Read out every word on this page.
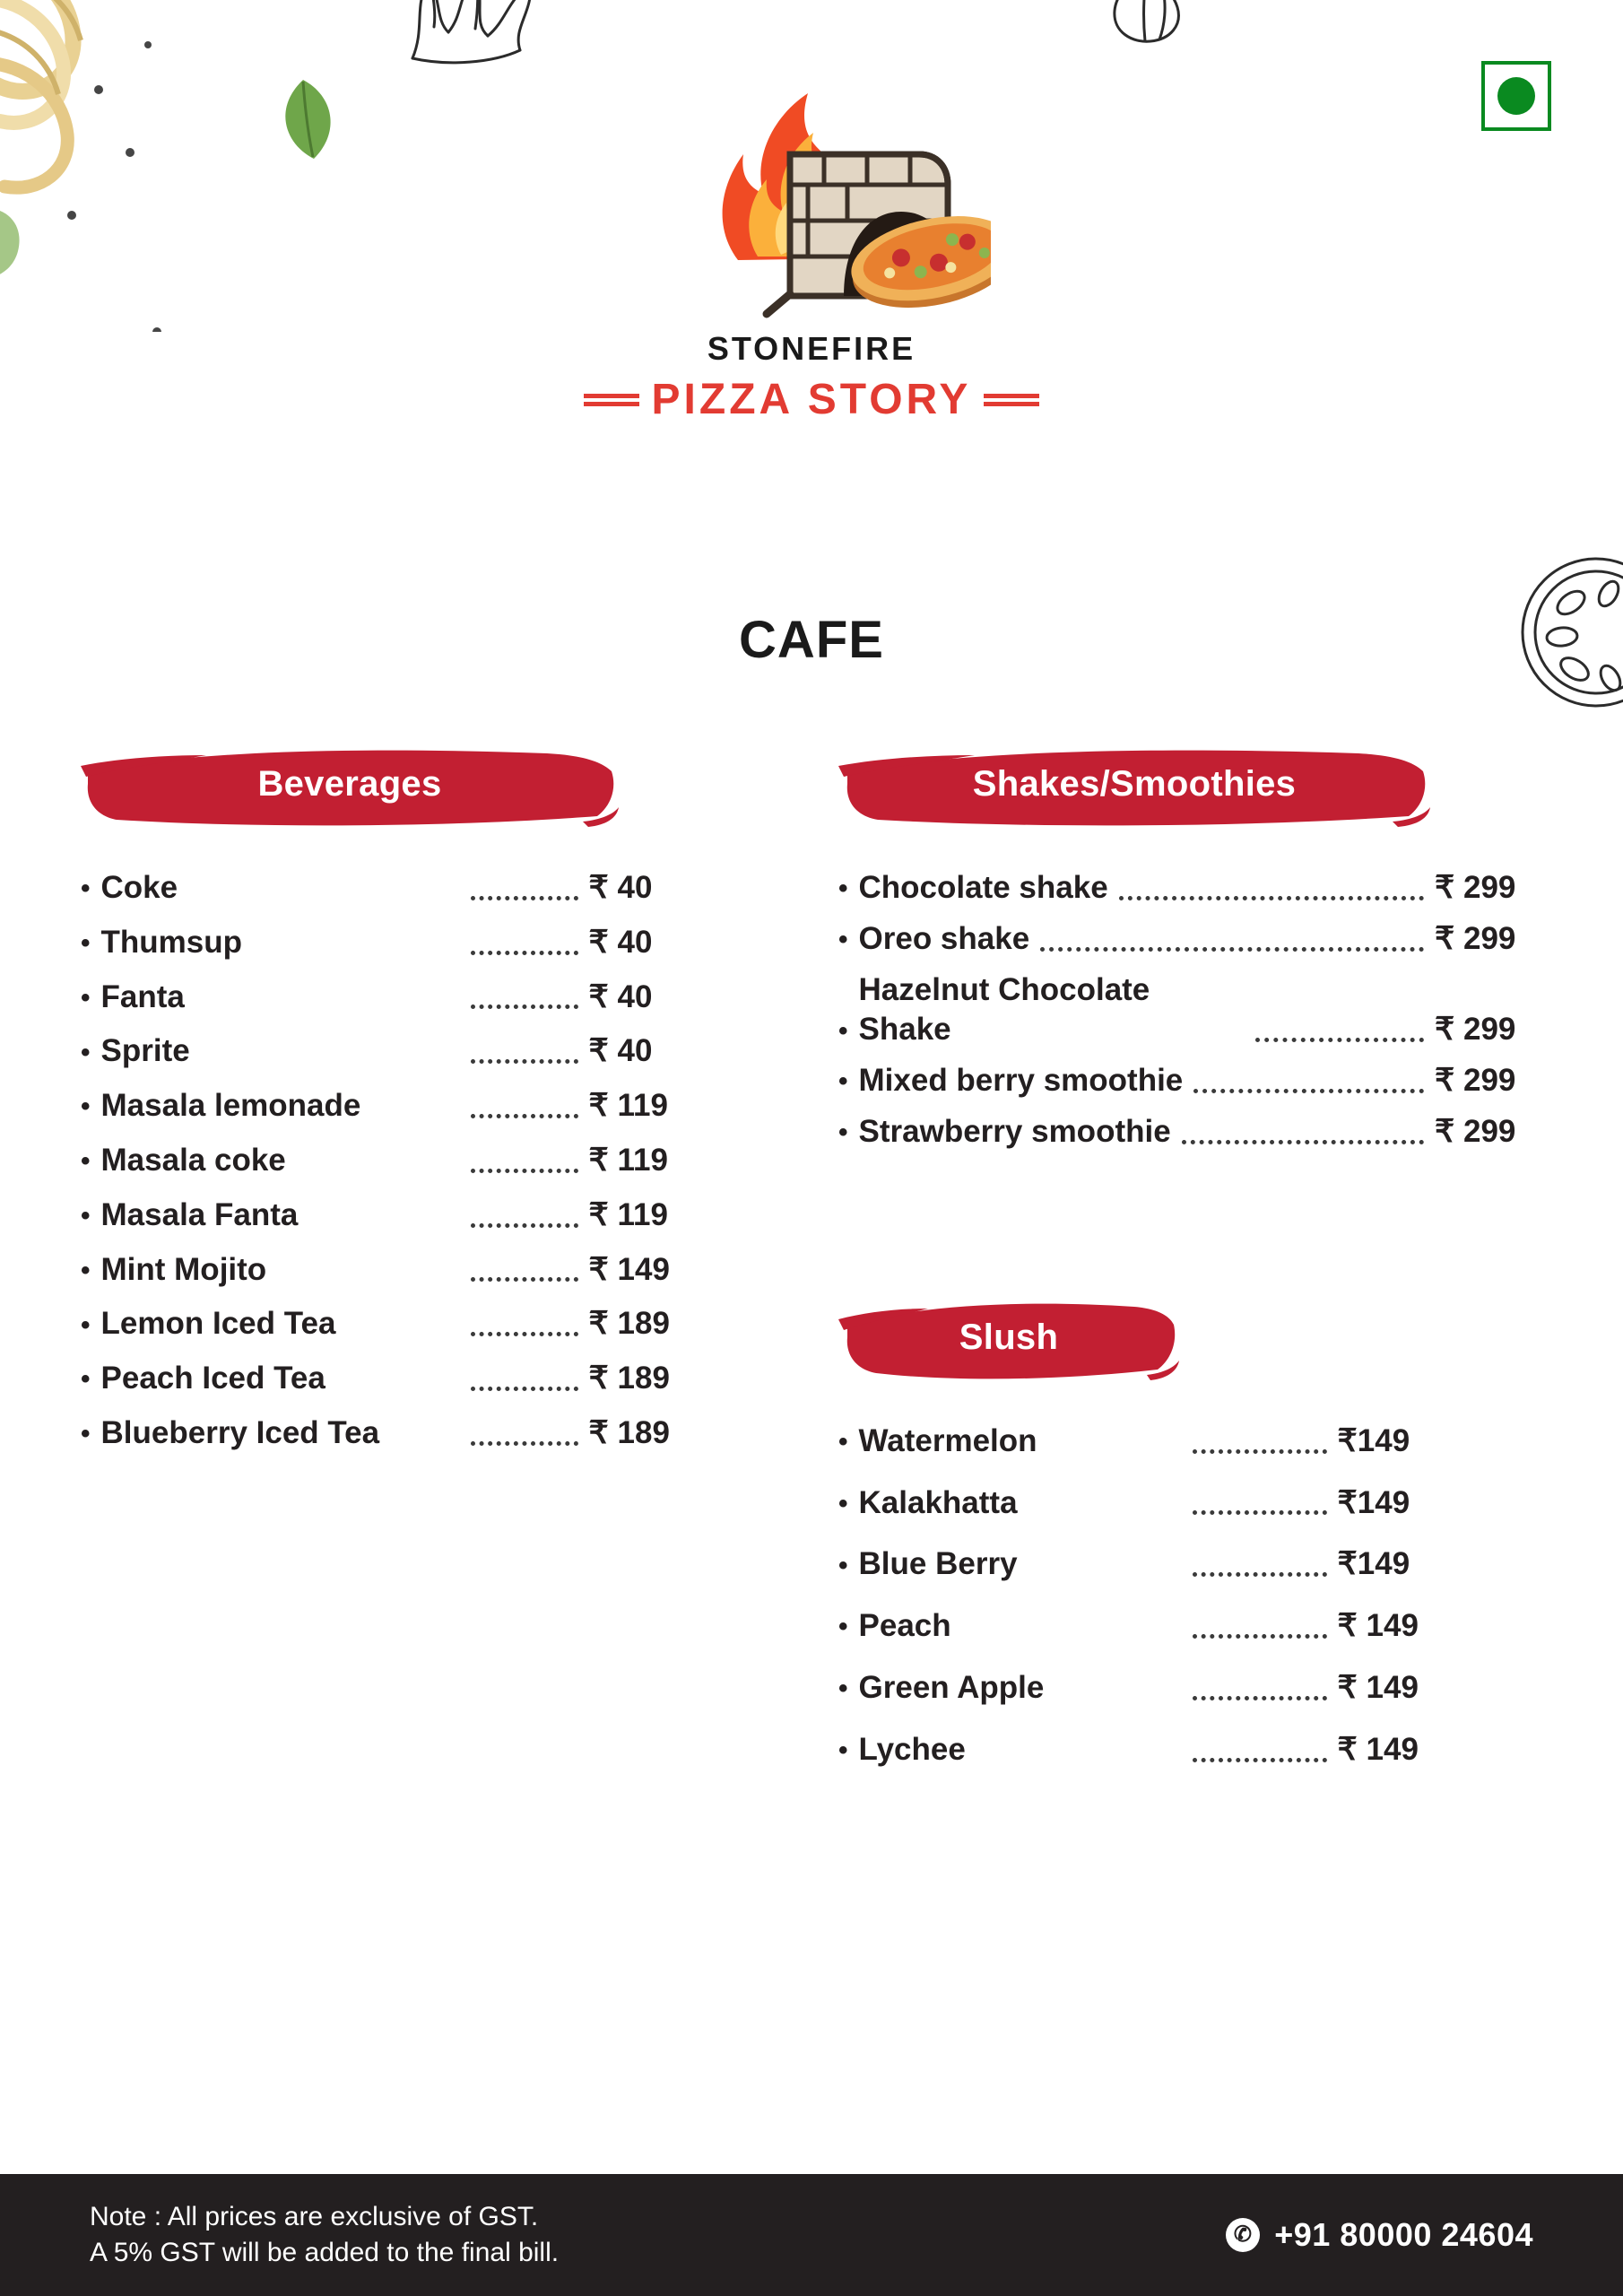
STONEFIRE
PIZZA STORY
CAFE
Beverages
• Coke	₹ 40
• Thumsup	₹ 40
• Fanta	₹ 40
• Sprite	₹ 40
• Masala lemonade	₹ 119
• Masala coke	₹ 119
• Masala Fanta	₹ 119
• Mint Mojito	₹ 149
• Lemon Iced Tea	₹ 189
• Peach Iced Tea	₹ 189
• Blueberry Iced Tea	₹ 189
Shakes/Smoothies
• Chocolate shake	₹ 299
• Oreo shake	₹ 299
•
Hazelnut Chocolate Shake	₹ 299
• Mixed berry smoothie	₹ 299
• Strawberry smoothie	₹ 299
Slush
• Watermelon	₹149
• Kalakhatta	₹149
• Blue Berry	₹149
• Peach	₹ 149
• Green Apple	₹ 149
• Lychee	₹ 149
Note : All prices are exclusive of GST.
A 5% GST will be added to the final bill.
✆ +91 80000 24604
